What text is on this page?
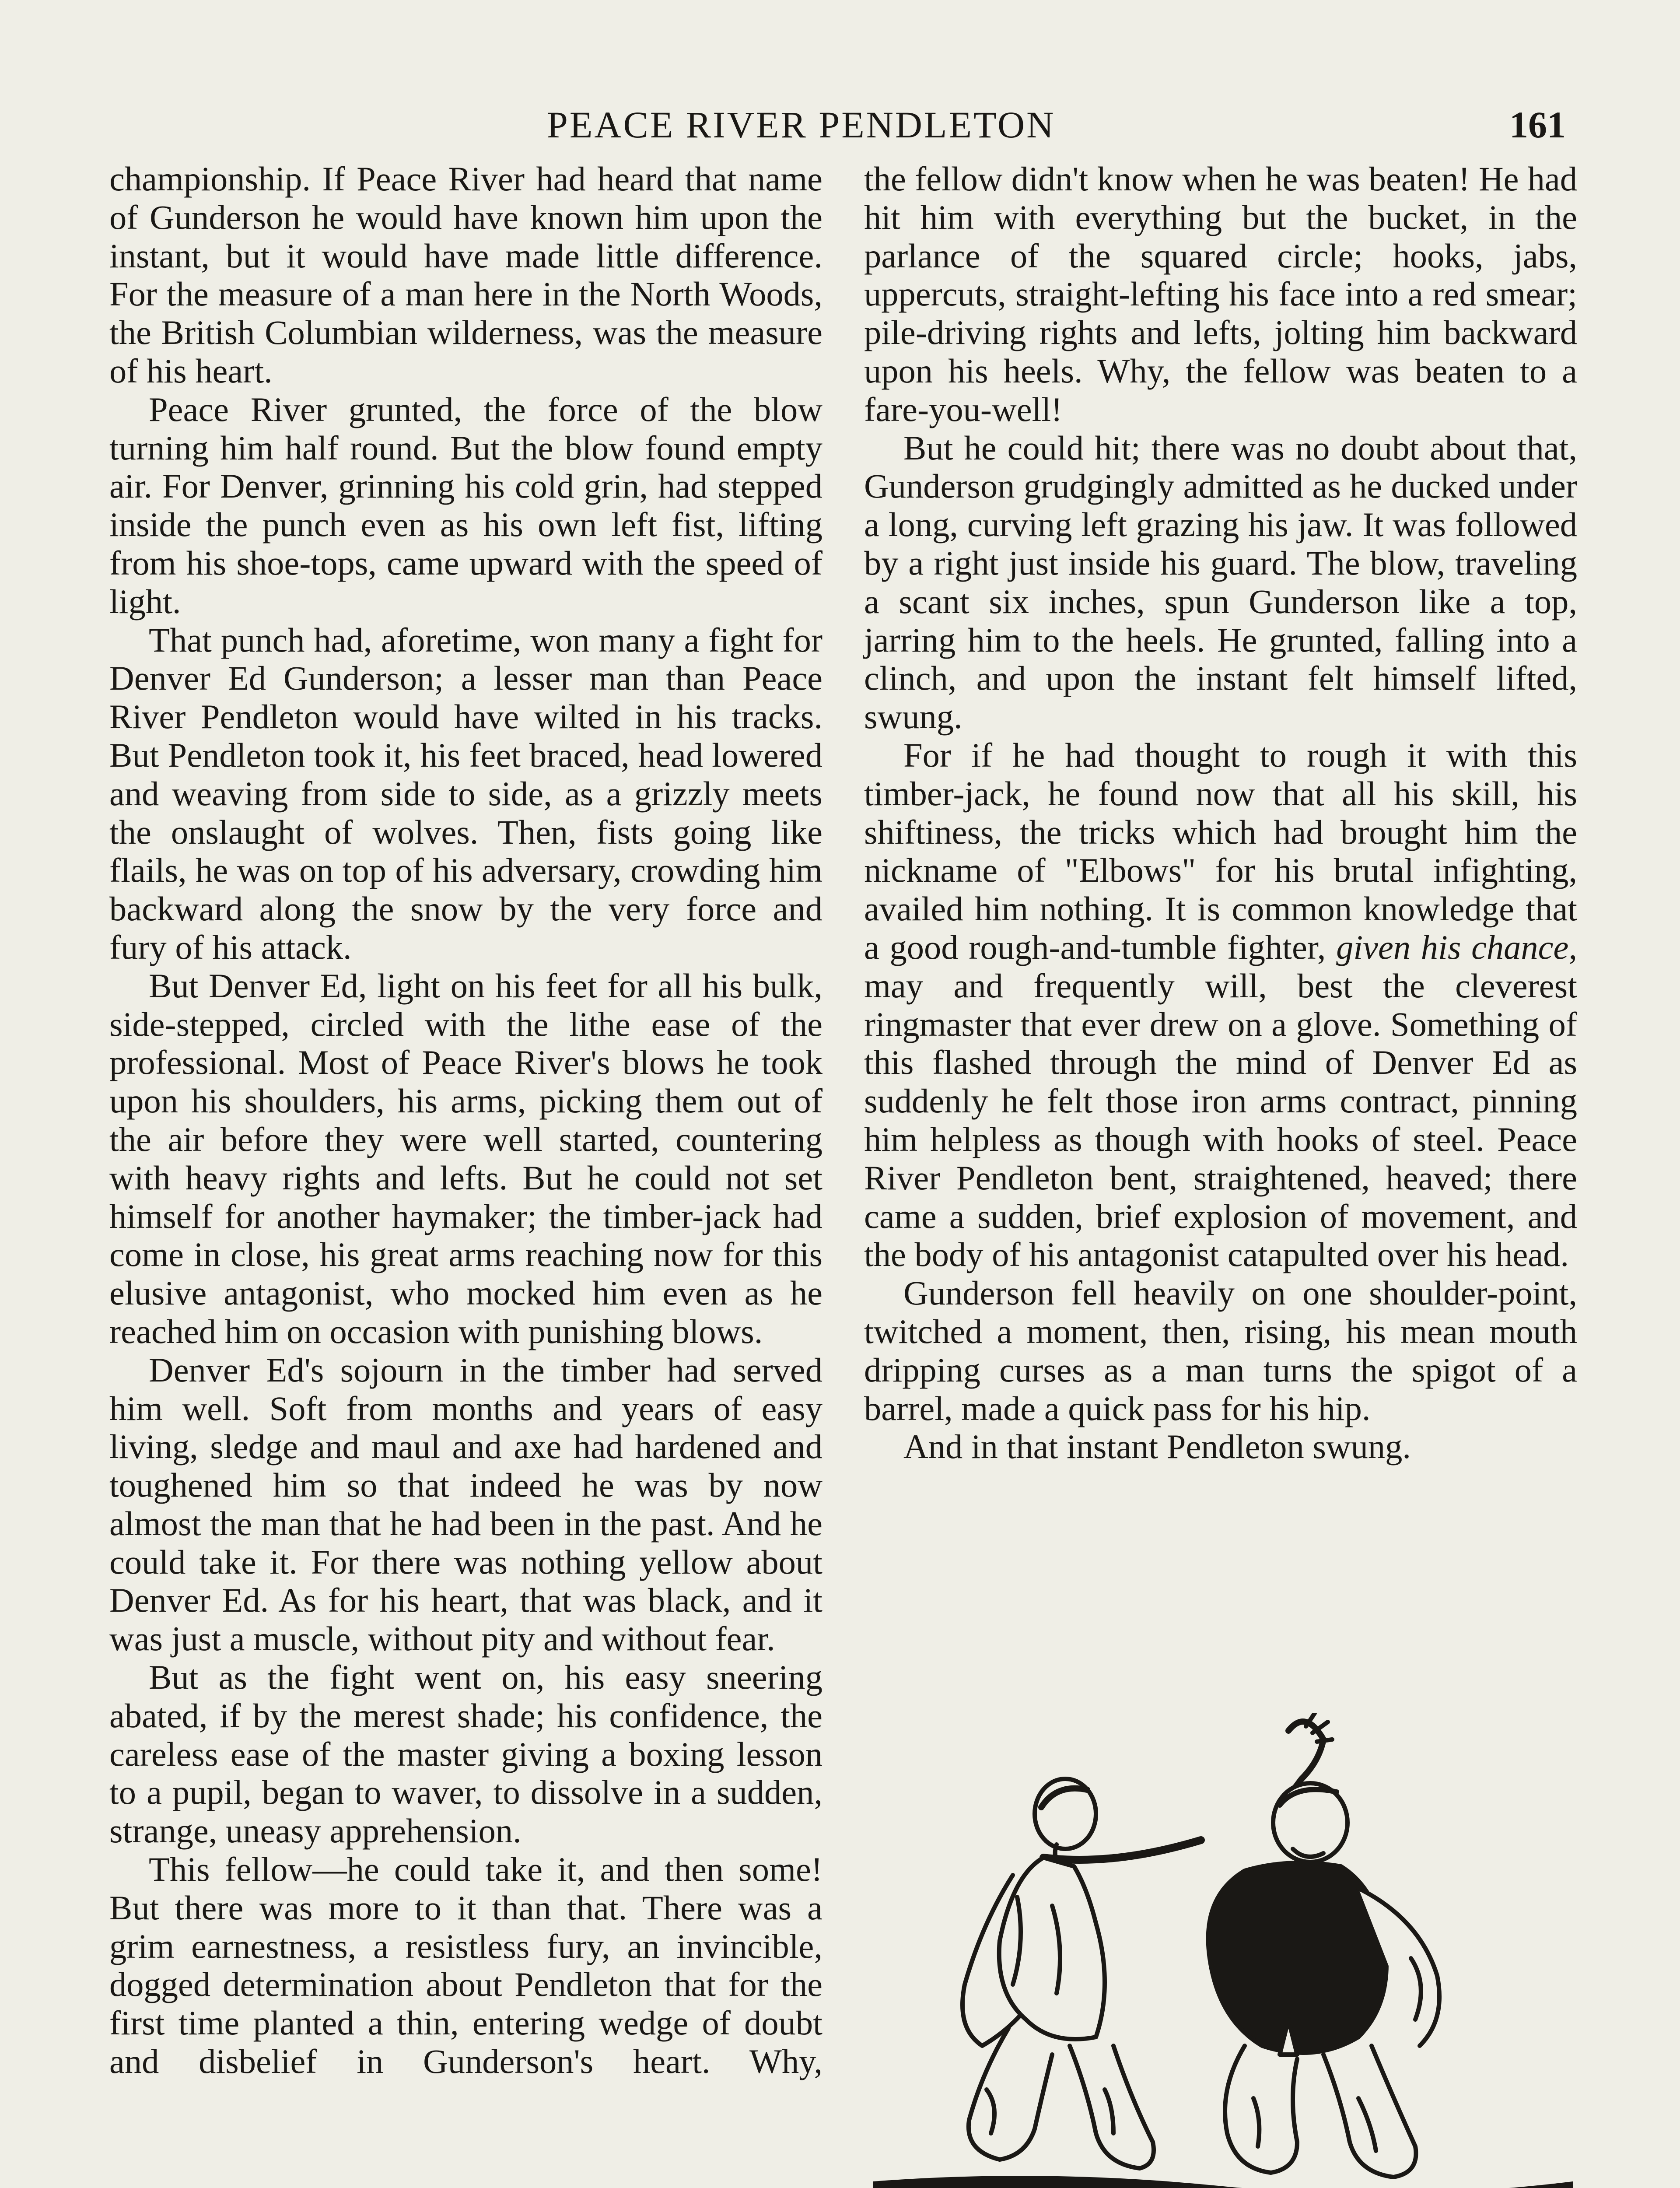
PEACE RIVER PENDLETON	161

championship. If Peace River had heard that name of Gunderson he would have known him upon the instant, but it would have made little difference. For the measure of a man here in the North Woods, the British Columbian wilderness, was the measure of his heart.

Peace River grunted, the force of the blow turning him half round. But the blow found empty air. For Denver, grinning his cold grin, had stepped inside the punch even as his own left fist, lifting from his shoe-tops, came upward with the speed of light.

That punch had, aforetime, won many a fight for Denver Ed Gunderson; a lesser man than Peace River Pendleton would have wilted in his tracks. But Pendleton took it, his feet braced, head lowered and weaving from side to side, as a grizzly meets the onslaught of wolves. Then, fists going like flails, he was on top of his adversary, crowding him backward along the snow by the very force and fury of his attack.

But Denver Ed, light on his feet for all his bulk, side-stepped, circled with the lithe ease of the professional. Most of Peace River's blows he took upon his shoulders, his arms, picking them out of the air before they were well started, countering with heavy rights and lefts. But he could not set himself for another haymaker; the timber-jack had come in close, his great arms reaching now for this elusive antagonist, who mocked him even as he reached him on occasion with punishing blows.

Denver Ed's sojourn in the timber had served him well. Soft from months and years of easy living, sledge and maul and axe had hardened and toughened him so that indeed he was by now almost the man that he had been in the past. And he could take it. For there was nothing yellow about Denver Ed. As for his heart, that was black, and it was just a muscle, without pity and without fear.

But as the fight went on, his easy sneering abated, if by the merest shade; his confidence, the careless ease of the master giving a boxing lesson to a pupil, began to waver, to dissolve in a sudden, strange, uneasy apprehension.

This fellow—he could take it, and then some! But there was more to it than that. There was a grim earnestness, a resistless fury, an invincible, dogged determination about Pendleton that for the first time planted a thin, entering wedge of doubt and disbelief in Gunderson's heart. Why,

the fellow didn't know when he was beaten! He had hit him with everything but the bucket, in the parlance of the squared circle; hooks, jabs, uppercuts, straight-lefting his face into a red smear; pile-driving rights and lefts, jolting him backward upon his heels. Why, the fellow was beaten to a fare-you-well!

But he could hit; there was no doubt about that, Gunderson grudgingly admitted as he ducked under a long, curving left grazing his jaw. It was followed by a right just inside his guard. The blow, traveling a scant six inches, spun Gunderson like a top, jarring him to the heels. He grunted, falling into a clinch, and upon the instant felt himself lifted, swung.

For if he had thought to rough it with this timber-jack, he found now that all his skill, his shiftiness, the tricks which had brought him the nickname of "Elbows" for his brutal infighting, availed him nothing. It is common knowledge that a good rough-and-tumble fighter, given his chance, may and frequently will, best the cleverest ringmaster that ever drew on a glove. Something of this flashed through the mind of Denver Ed as suddenly he felt those iron arms contract, pinning him helpless as though with hooks of steel. Peace River Pendleton bent, straightened, heaved; there came a sudden, brief explosion of movement, and the body of his antagonist catapulted over his head.

Gunderson fell heavily on one shoulder-point, twitched a moment, then, rising, his mean mouth dripping curses as a man turns the spigot of a barrel, made a quick pass for his hip.

And in that instant Pendleton swung.
